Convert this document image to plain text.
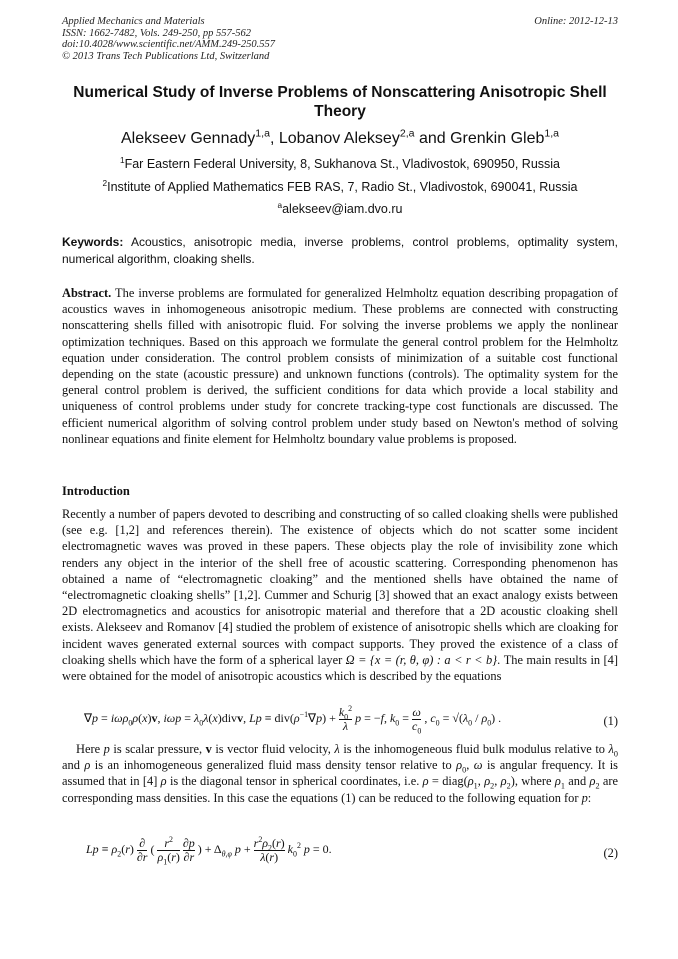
Applied Mechanics and Materials
ISSN: 1662-7482, Vols. 249-250, pp 557-562
doi:10.4028/www.scientific.net/AMM.249-250.557
© 2013 Trans Tech Publications Ltd, Switzerland
Online: 2012-12-13
Numerical Study of Inverse Problems of Nonscattering Anisotropic Shell Theory
Alekseev Gennady$^{1,a}$, Lobanov Aleksey$^{2,a}$ and Grenkin Gleb$^{1,a}$
$^1$Far Eastern Federal University, 8, Sukhanova St., Vladivostok, 690950, Russia
$^2$Institute of Applied Mathematics FEB RAS, 7, Radio St., Vladivostok, 690041, Russia
$^a$alekseev@iam.dvo.ru
Keywords: Acoustics, anisotropic media, inverse problems, control problems, optimality system, numerical algorithm, cloaking shells.
Abstract. The inverse problems are formulated for generalized Helmholtz equation describing propagation of acoustics waves in inhomogeneous anisotropic medium. These problems are connected with constructing nonscattering shells filled with anisotropic fluid. For solving the inverse problems we apply the nonlinear optimization techniques. Based on this approach we formulate the general control problem for the Helmholtz equation under consideration. The control problem consists of minimization of a suitable cost functional depending on the state (acoustic pressure) and unknown functions (controls). The optimality system for the general control problem is derived, the sufficient conditions for data which provide a local stability and uniqueness of control problems under study for concrete tracking-type cost functionals are discussed. The efficient numerical algorithm of solving control problem under study based on Newton's method of solving nonlinear equations and finite element for Helmholtz boundary value problems is proposed.
Introduction
Recently a number of papers devoted to describing and constructing of so called cloaking shells were published (see e.g. [1,2] and references therein). The existence of objects which do not scatter some incident electromagnetic waves was proved in these papers. These objects play the role of invisibility zone which renders any object in the interior of the shell free of acoustic scattering. Corresponding phenomenon has obtained a name of “electromagnetic cloaking” and the mentioned shells have obtained the name of “electromagnetic cloaking shells” [1,2]. Cummer and Schurig [3] showed that an exact analogy exists between 2D electromagnetics and acoustics for anisotropic material and therefore that a 2D acoustic cloaking shell exists. Alekseev and Romanov [4] studied the problem of existence of anisotropic shells which are cloaking for incident waves generated external sources with compact supports. They proved the existence of a class of cloaking shells which have the form of a spherical layer Ω = {x = (r, θ, φ) : a < r < b}. The main results in [4] were obtained for the model of anisotropic acoustics which is described by the equations
∇p = iωρ$_0$ρ(x)v, $i\omega p = \lambda_0\lambda(x)divv$, $Lp \equiv div(\rho^{-1}\nabla p) + \frac{k_0^2}{\lambda}$ p = −f, $k_0 = \frac{\omega}{c_0}$ , $c_0 = √(\lambda_0 / \rho_0)$ .	(1)
Here p is scalar pressure, v is vector fluid velocity, λ is the inhomogeneous fluid bulk modulus relative to $\lambda_0$ and ρ is an inhomogeneous generalized fluid mass density tensor relative to $\rho_0$, ω is angular frequency. It is assumed that in [4] ρ is the diagonal tensor in spherical coordinates, i.e. $\rho = diag(\rho_1$, $\rho_2$, $\rho_2$), where $\rho_1$ and $\rho_2$ are corresponding mass densities. In this case the equations (1) can be reduced to the following equation for p:
$Lp \equiv \rho_2(r)$ ∂
∂r
( $\frac{r^2}{\rho_1(r)}$
$\frac{\partial p}{\partial r}$ ) + $\Delta_{\theta,\varphi}$ $p + \frac{r^2\rho_2(r)}{\lambda(r)} k_0^2$ p = 0.	(2)
